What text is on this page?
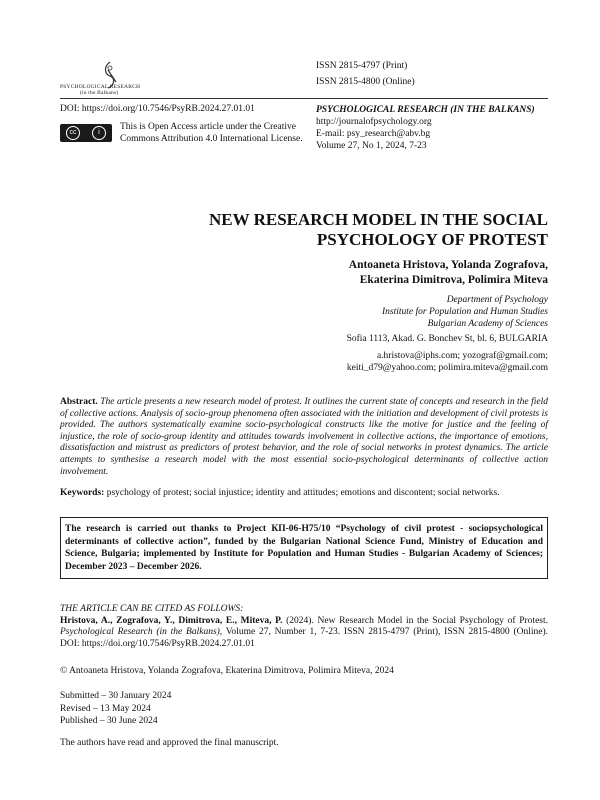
PSYCHOLOGICAL RESEARCH
(in the Balkans)
ISSN 2815-4797 (Print)
ISSN 2815-4800 (Online)
DOI: https://doi.org/10.7546/PsyRB.2024.27.01.01
cc	i
This is Open Access article under the Creative Commons Attribution 4.0 International License.
PSYCHOLOGICAL RESEARCH (IN THE BALKANS)
http://journalofpsychology.org
E-mail: psy_research@abv.bg
Volume 27, No 1, 2024, 7-23
NEW RESEARCH MODEL IN THE SOCIAL
PSYCHOLOGY OF PROTEST
Antoaneta Hristova, Yolanda Zografova,
Ekaterina Dimitrova, Polimira Miteva
Department of Psychology
Institute for Population and Human Studies
Bulgarian Academy of Sciences
Sofia 1113, Akad. G. Bonchev St, bl. 6, BULGARIA
a.hristova@iphs.com; yozograf@gmail.com;
keiti_d79@yahoo.com; polimira.miteva@gmail.com
Abstract. The article presents a new research model of protest. It outlines the current state of concepts and research in the field of collective actions. Analysis of socio-group phenomena often associated with the initiation and development of civil protests is provided. The authors systematically examine socio-psychological constructs like the motive for justice and the feeling of injustice, the role of socio-group identity and attitudes towards involvement in collective actions, the importance of emotions, dissatisfaction and mistrust as predictors of protest behavior, and the role of social networks in protest dynamics. The article attempts to synthesise a research model with the most essential socio-psychological determinants of collective action involvement.
Keywords: psychology of protest; social injustice; identity and attitudes; emotions and discontent; social networks.
The research is carried out thanks to Project КП-06-Н75/10 “Psychology of civil protest - sociopsychological determinants of collective action”, funded by the Bulgarian National Science Fund, Ministry of Education and Science, Bulgaria; implemented by Institute for Population and Human Studies - Bulgarian Academy of Sciences; December 2023 – December 2026.
THE ARTICLE CAN BE CITED AS FOLLOWS:
Hristova, A., Zografova, Y., Dimitrova, E., Miteva, P. (2024). New Research Model in the Social Psychology of Protest. Psychological Research (in the Balkans), Volume 27, Number 1, 7-23. ISSN 2815-4797 (Print), ISSN 2815-4800 (Online). DOI: https://doi.org/10.7546/PsyRB.2024.27.01.01
© Antoaneta Hristova, Yolanda Zografova, Ekaterina Dimitrova, Polimira Miteva, 2024
Submitted – 30 January 2024
Revised – 13 May 2024
Published – 30 June 2024
The authors have read and approved the final manuscript.
